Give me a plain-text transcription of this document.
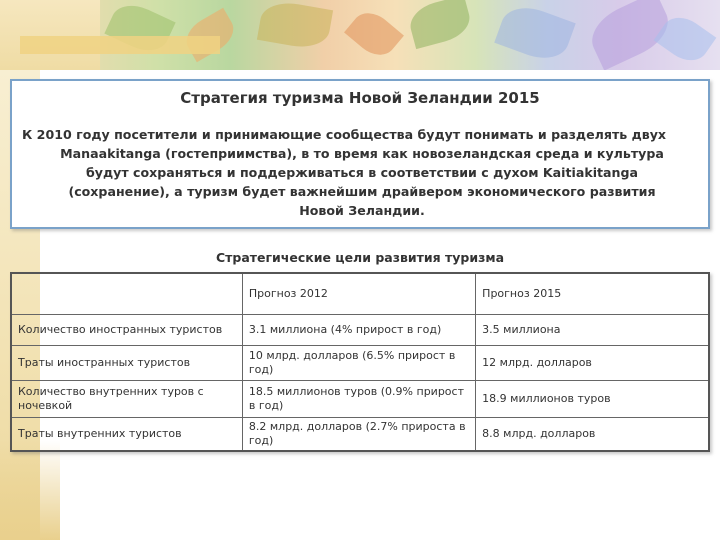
Стратегия туризма Новой Зеландии 2015
К 2010 году посетители и принимающие сообщества будут понимать и разделять двух
Manaakitanga (гостеприимства), в то время как новозеландская среда и культура
будут сохраняться и поддерживаться в соответствии с духом Kaitiakitanga
(сохранение), а туризм будет важнейшим драйвером экономического развития
Новой Зеландии.
Стратегические цели развития туризма
	Прогноз 2012	Прогноз 2015
Количество иностранных туристов	3.1 миллиона (4% прирост в год)	3.5 миллиона
Траты иностранных туристов	10 млрд. долларов (6.5% прирост в год)	12 млрд. долларов
Количество внутренних туров с ночевкой	18.5 миллионов туров (0.9% прирост в год)	18.9 миллионов туров
Траты внутренних туристов	8.2 млрд. долларов (2.7% прироста в год)	8.8 млрд. долларов
